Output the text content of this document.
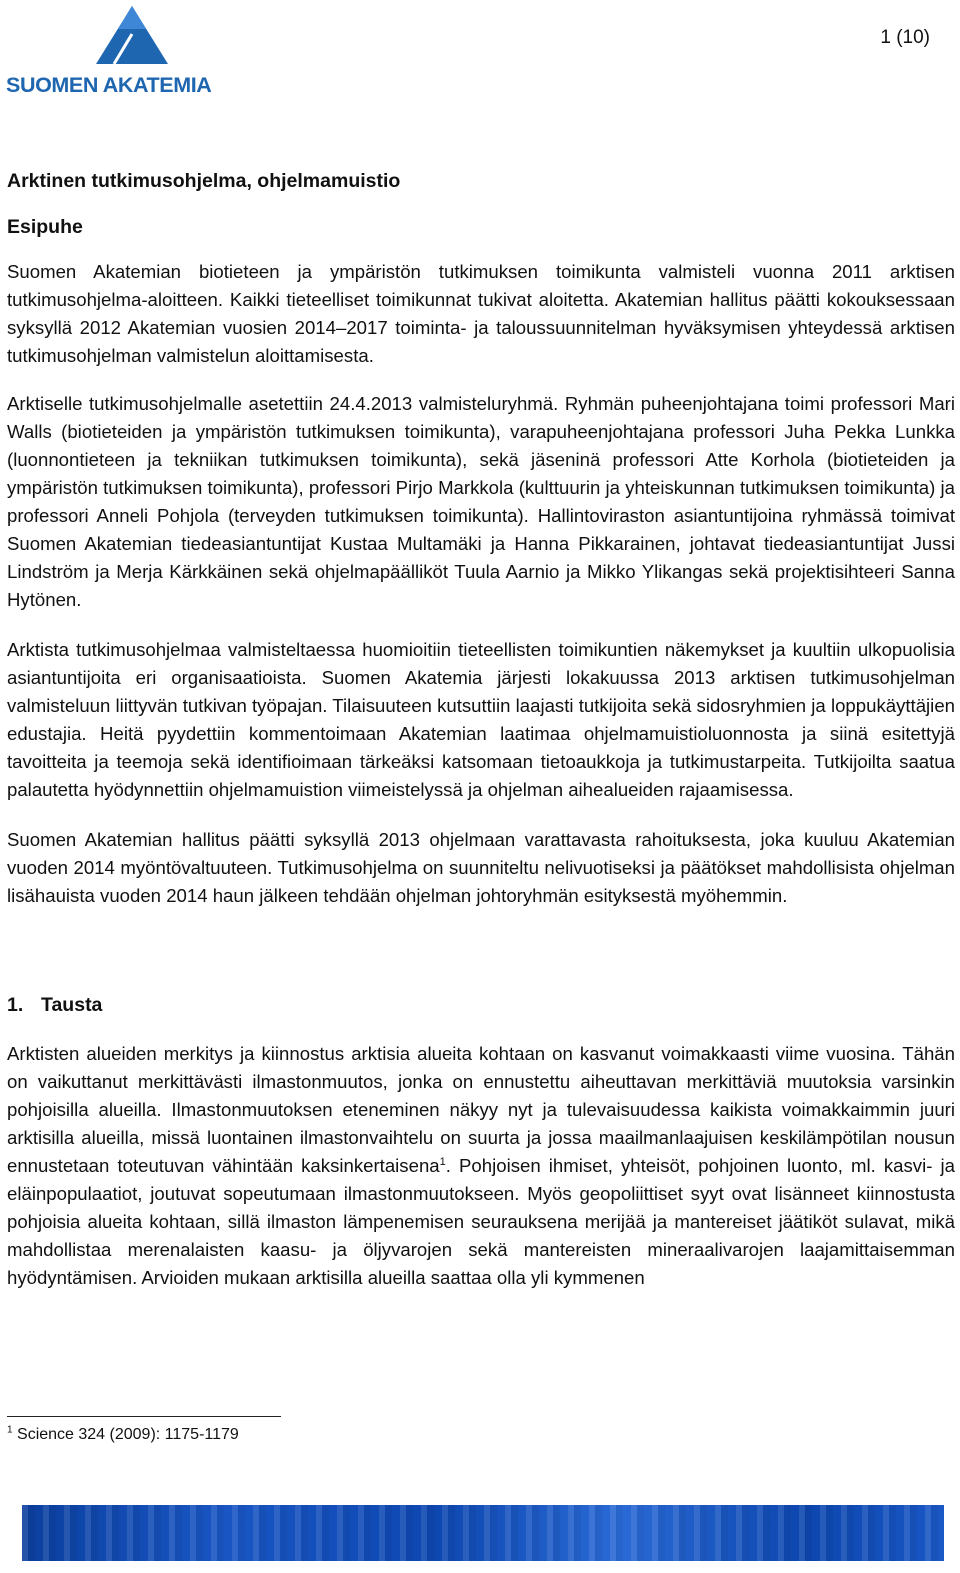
SUOMEN AKATEMIA
1 (10)
Arktinen tutkimusohjelma, ohjelmamuistio
Esipuhe

Suomen Akatemian biotieteen ja ympäristön tutkimuksen toimikunta valmisteli vuonna 2011 arktisen tutkimusohjelma-aloitteen. Kaikki tieteelliset toimikunnat tukivat aloitetta. Akatemian hallitus päätti kokouksessaan syksyllä 2012 Akatemian vuosien 2014–2017 toiminta- ja taloussuunnitelman hyväksymisen yhteydessä arktisen tutkimusohjelman valmistelun aloittamisesta.

Arktiselle tutkimusohjelmalle asetettiin 24.4.2013 valmisteluryhmä. Ryhmän puheenjohtajana toimi professori Mari Walls (biotieteiden ja ympäristön tutkimuksen toimikunta), varapuheenjohtajana professori Juha Pekka Lunkka (luonnontieteen ja tekniikan tutkimuksen toimikunta), sekä jäseninä professori Atte Korhola (biotieteiden ja ympäristön tutkimuksen toimikunta), professori Pirjo Markkola (kulttuurin ja yhteiskunnan tutkimuksen toimikunta) ja professori Anneli Pohjola (terveyden tutkimuksen toimikunta). Hallintoviraston asiantuntijoina ryhmässä toimivat Suomen Akatemian tiedeasiantuntijat Kustaa Multamäki ja Hanna Pikkarainen, johtavat tiedeasiantuntijat Jussi Lindström ja Merja Kärkkäinen sekä ohjelmapäälliköt Tuula Aarnio ja Mikko Ylikangas sekä projektisihteeri Sanna Hytönen.

Arktista tutkimusohjelmaa valmisteltaessa huomioitiin tieteellisten toimikuntien näkemykset ja kuultiin ulkopuolisia asiantuntijoita eri organisaatioista. Suomen Akatemia järjesti lokakuussa 2013 arktisen tutkimusohjelman valmisteluun liittyvän tutkivan työpajan. Tilaisuuteen kutsuttiin laajasti tutkijoita sekä sidosryhmien ja loppukäyttäjien edustajia. Heitä pyydettiin kommentoimaan Akatemian laatimaa ohjelmamuistioluonnosta ja siinä esitettyjä tavoitteita ja teemoja sekä identifioimaan tärkeäksi katsomaan tietoaukkoja ja tutkimustarpeita. Tutkijoilta saatua palautetta hyödynnettiin ohjelmamuistion viimeistelyssä ja ohjelman aihealueiden rajaamisessa.

Suomen Akatemian hallitus päätti syksyllä 2013 ohjelmaan varattavasta rahoituksesta, joka kuuluu Akatemian vuoden 2014 myöntövaltuuteen. Tutkimusohjelma on suunniteltu nelivuotiseksi ja päätökset mahdollisista ohjelman lisähauista vuoden 2014 haun jälkeen tehdään ohjelman johtoryhmän esityksestä myöhemmin.

1. Tausta

Arktisten alueiden merkitys ja kiinnostus arktisia alueita kohtaan on kasvanut voimakkaasti viime vuosina. Tähän on vaikuttanut merkittävästi ilmastonmuutos, jonka on ennustettu aiheuttavan merkittäviä muutoksia varsinkin pohjoisilla alueilla. Ilmastonmuutoksen eteneminen näkyy nyt ja tulevaisuudessa kaikista voimakkaimmin juuri arktisilla alueilla, missä luontainen ilmastonvaihtelu on suurta ja jossa maailmanlaajuisen keskilämpötilan nousun ennustetaan toteutuvan vähintään kaksinkertaisena$^1$. Pohjoisen ihmiset, yhteisöt, pohjoinen luonto, ml. kasvi- ja eläinpopulaatiot, joutuvat sopeutumaan ilmastonmuutokseen. Myös geopoliittiset syyt ovat lisänneet kiinnostusta pohjoisia alueita kohtaan, sillä ilmaston lämpenemisen seurauksena merijää ja mantereiset jäätiköt sulavat, mikä mahdollistaa merenalaisten kaasu- ja öljyvarojen sekä mantereisten mineraalivarojen laajamittaisemman hyödyntämisen. Arvioiden mukaan arktisilla alueilla saattaa olla yli kymmenen

$^1$ Science 324 (2009): 1175-1179
